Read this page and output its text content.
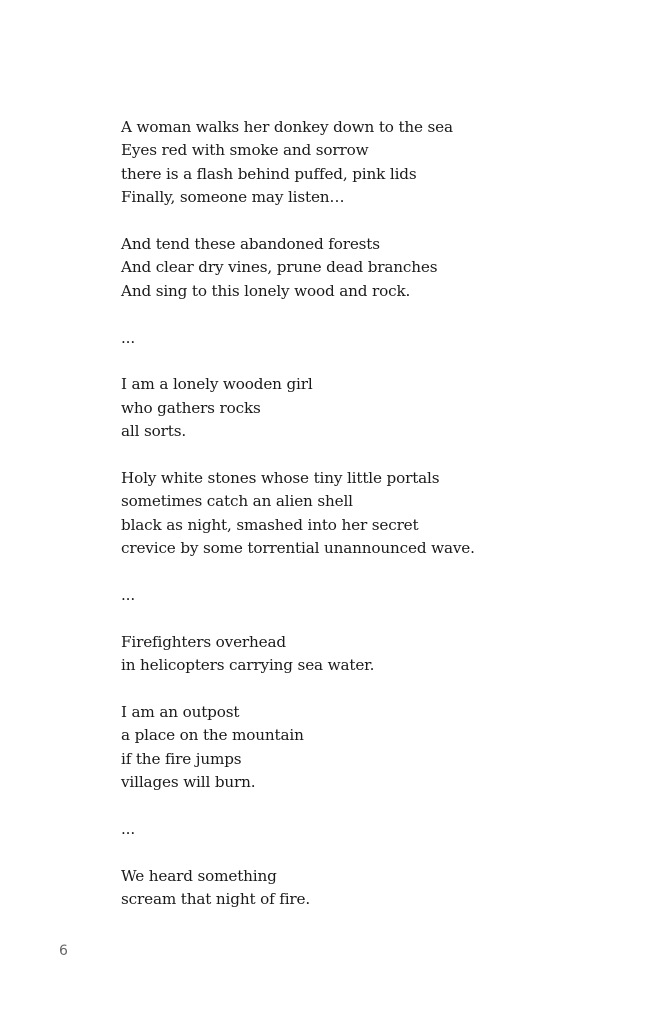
A woman walks her donkey down to the sea
Eyes red with smoke and sorrow
there is a flash behind puffed, pink lids
Finally, someone may listen…
And tend these abandoned forests
And clear dry vines, prune dead branches
And sing to this lonely wood and rock.
...
I am a lonely wooden girl
who gathers rocks
all sorts.
Holy white stones whose tiny little portals
sometimes catch an alien shell
black as night, smashed into her secret
crevice by some torrential unannounced wave.
...
Firefighters overhead
in helicopters carrying sea water.
I am an outpost
a place on the mountain
if the fire jumps
villages will burn.
...
We heard something
scream that night of fire.
6
